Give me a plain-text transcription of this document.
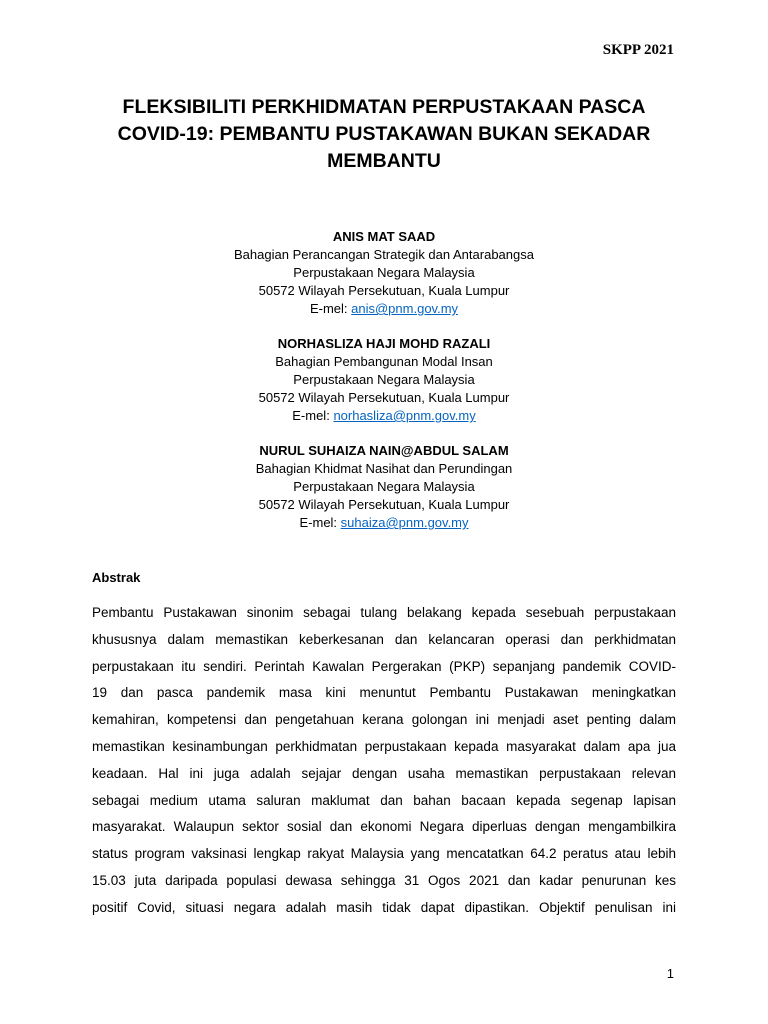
SKPP 2021
FLEKSIBILITI PERKHIDMATAN PERPUSTAKAAN PASCA
COVID-19: PEMBANTU PUSTAKAWAN BUKAN SEKADAR
MEMBANTU
ANIS MAT SAAD
Bahagian Perancangan Strategik dan Antarabangsa
Perpustakaan Negara Malaysia
50572 Wilayah Persekutuan, Kuala Lumpur
E-mel: anis@pnm.gov.my
NORHASLIZA HAJI MOHD RAZALI
Bahagian Pembangunan Modal Insan
Perpustakaan Negara Malaysia
50572 Wilayah Persekutuan, Kuala Lumpur
E-mel: norhasliza@pnm.gov.my
NURUL SUHAIZA NAIN@ABDUL SALAM
Bahagian Khidmat Nasihat dan Perundingan
Perpustakaan Negara Malaysia
50572 Wilayah Persekutuan, Kuala Lumpur
E-mel: suhaiza@pnm.gov.my
Abstrak
Pembantu Pustakawan sinonim sebagai tulang belakang kepada sesebuah perpustakaan
khususnya dalam memastikan keberkesanan dan kelancaran operasi dan perkhidmatan
perpustakaan itu sendiri. Perintah Kawalan Pergerakan (PKP) sepanjang pandemik COVID-
19 dan pasca pandemik masa kini menuntut Pembantu Pustakawan meningkatkan
kemahiran, kompetensi dan pengetahuan kerana golongan ini menjadi aset penting dalam
memastikan kesinambungan perkhidmatan perpustakaan kepada masyarakat dalam apa jua
keadaan. Hal ini juga adalah sejajar dengan usaha memastikan perpustakaan relevan
sebagai medium utama saluran maklumat dan bahan bacaan kepada segenap lapisan
masyarakat. Walaupun sektor sosial dan ekonomi Negara diperluas dengan mengambilkira
status program vaksinasi lengkap rakyat Malaysia yang mencatatkan 64.2 peratus atau lebih
15.03 juta daripada populasi dewasa sehingga 31 Ogos 2021 dan kadar penurunan kes
positif Covid, situasi negara adalah masih tidak dapat dipastikan. Objektif penulisan ini
1
